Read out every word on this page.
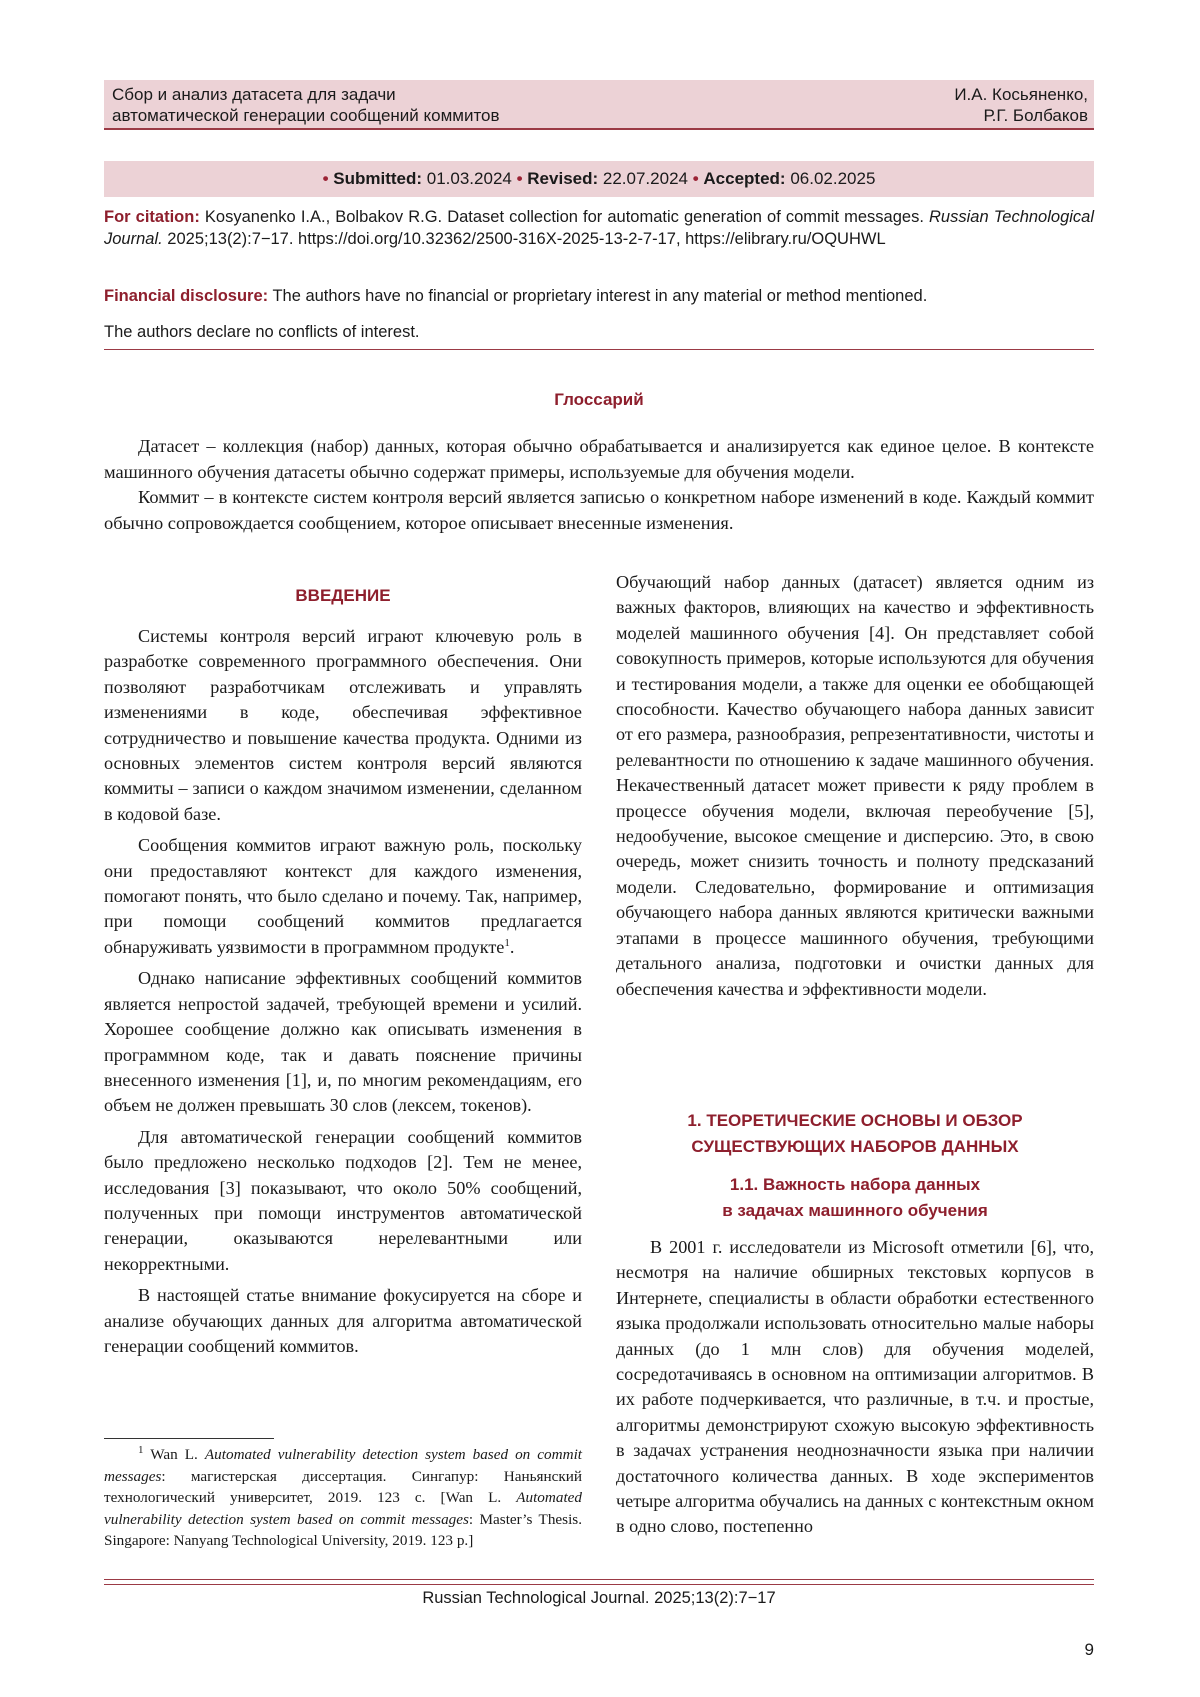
Сбор и анализ датасета для задачи
автоматической генерации сообщений коммитов
И.А. Косьяненко,
Р.Г. Болбаков
• Submitted: 01.03.2024 • Revised: 22.07.2024 • Accepted: 06.02.2025
For citation: Kosyanenko I.A., Bolbakov R.G. Dataset collection for automatic generation of commit messages. Russian Technological Journal. 2025;13(2):7−17. https://doi.org/10.32362/2500-316X-2025-13-2-7-17, https://elibrary.ru/OQUHWL
Financial disclosure: The authors have no financial or proprietary interest in any material or method mentioned.
The authors declare no conflicts of interest.
Глоссарий

Датасет – коллекция (набор) данных, которая обычно обрабатывается и анализируется как единое целое. В контексте машинного обучения датасеты обычно содержат примеры, используемые для обучения модели.

Коммит – в контексте систем контроля версий является записью о конкретном наборе изменений в коде. Каждый коммит обычно сопровождается сообщением, которое описывает внесенные изменения.

ВВЕДЕНИЕ

Системы контроля версий играют ключевую роль в разработке современного программного обеспечения. Они позволяют разработчикам отслеживать и управлять изменениями в коде, обеспечивая эффективное сотрудничество и повышение качества продукта. Одними из основных элементов систем контроля версий являются коммиты – записи о каждом значимом изменении, сделанном в кодовой базе.

Сообщения коммитов играют важную роль, поскольку они предоставляют контекст для каждого изменения, помогают понять, что было сделано и почему. Так, например, при помощи сообщений коммитов предлагается обнаруживать уязвимости в программном продукте$^1$.

Однако написание эффективных сообщений коммитов является непростой задачей, требующей времени и усилий. Хорошее сообщение должно как описывать изменения в программном коде, так и давать пояснение причины внесенного изменения [1], и, по многим рекомендациям, его объем не должен превышать 30 слов (лексем, токенов).

Для автоматической генерации сообщений коммитов было предложено несколько подходов [2]. Тем не менее, исследования [3] показывают, что около 50% сообщений, полученных при помощи инструментов автоматической генерации, оказываются нерелевантными или некорректными.

В настоящей статье внимание фокусируется на сборе и анализе обучающих данных для алгоритма автоматической генерации сообщений коммитов.

$^1$ Wan L. Automated vulnerability detection system based on commit messages: магистерская диссертация. Сингапур: Наньянский технологический университет, 2019. 123 с. [Wan L. Automated vulnerability detection system based on commit messages: Master’s Thesis. Singapore: Nanyang Technological University, 2019. 123 p.]

Обучающий набор данных (датасет) является одним из важных факторов, влияющих на качество и эффективность моделей машинного обучения [4]. Он представляет собой совокупность примеров, которые используются для обучения и тестирования модели, а также для оценки ее обобщающей способности. Качество обучающего набора данных зависит от его размера, разнообразия, репрезентативности, чистоты и релевантности по отношению к задаче машинного обучения. Некачественный датасет может привести к ряду проблем в процессе обучения модели, включая переобучение [5], недообучение, высокое смещение и дисперсию. Это, в свою очередь, может снизить точность и полноту предсказаний модели. Следовательно, формирование и оптимизация обучающего набора данных являются критически важными этапами в процессе машинного обучения, требующими детального анализа, подготовки и очистки данных для обеспечения качества и эффективности модели.

1. ТЕОРЕТИЧЕСКИЕ ОСНОВЫ И ОБЗОР
СУЩЕСТВУЮЩИХ НАБОРОВ ДАННЫХ
1.1. Важность набора данных
в задачах машинного обучения

В 2001 г. исследователи из Microsoft отметили [6], что, несмотря на наличие обширных текстовых корпусов в Интернете, специалисты в области обработки естественного языка продолжали использовать относительно малые наборы данных (до 1 млн слов) для обучения моделей, сосредотачиваясь в основном на оптимизации алгоритмов. В их работе подчеркивается, что различные, в т.ч. и простые, алгоритмы демонстрируют схожую высокую эффективность в задачах устранения неоднозначности языка при наличии достаточного количества данных. В ходе экспериментов четыре алгоритма обучались на данных с контекстным окном в одно слово, постепенно

Russian Technological Journal. 2025;13(2):7−17
9
